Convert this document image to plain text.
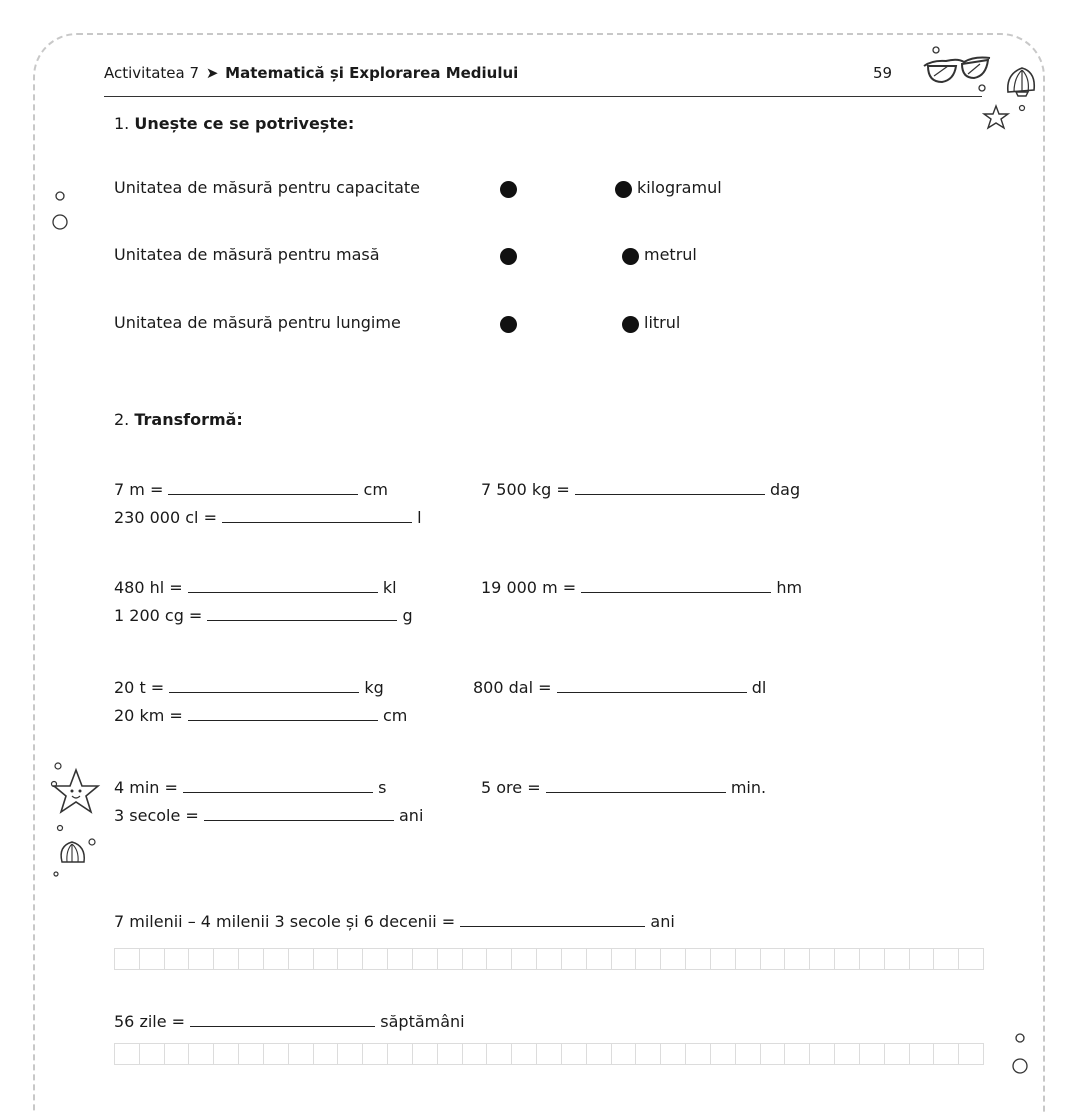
Activitatea 7 ➤ Matematică și Explorarea Mediului	59
1. Unește ce se potrivește:
Unitatea de măsură pentru capacitate
Unitatea de măsură pentru masă
Unitatea de măsură pentru lungime
kilogramul
metrul
litrul
2. Transformă:
7 m =	cm	7 500 kg =	dag
230 000 cl =	l
480 hl =	kl	19 000 m =	hm
1 200 cg =	g
20 t =	kg	800 dal =	dl
20 km =	cm
4 min =	s	5 ore =	min.
3 secole =	ani
7 milenii – 4 milenii 3 secole și 6 decenii =	ani
56 zile =	săptămâni
